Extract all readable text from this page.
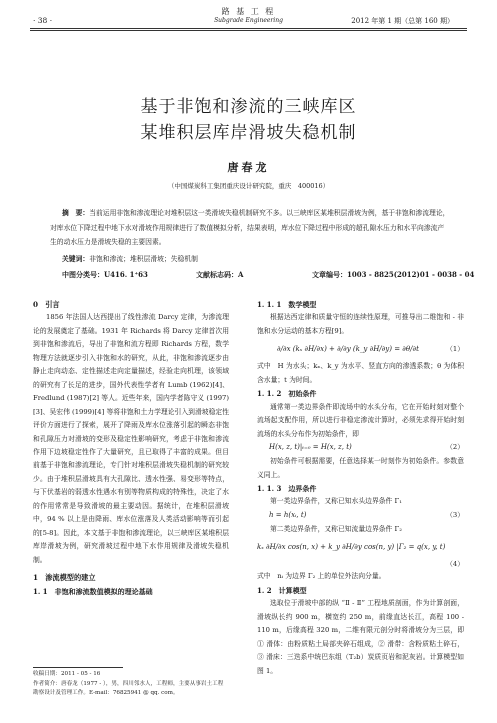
路 基 工 程
Subgrade Engineering
· 38 ·	2012 年第 1 期（总第 160 期）
基于非饱和渗流的三峡库区
某堆积层库岸滑坡失稳机制
唐春龙
（中国煤炭科工集团重庆设计研究院，重庆　400016）

摘　要：当前运用非饱和渗流理论对堆积层这一类滑坡失稳机制研究不多。以三峡库区某堆积层滑坡为例，基于非饱和渗流理论，对库水位下降过程中地下水对滑坡作用规律进行了数值模拟分析，结果表明，库水位下降过程中形成的超孔隙水压力和水平向渗流产生的动水压力是滑坡失稳的主要因素。

关键词：非饱和渗流；堆积层滑坡；失稳机制

中图分类号：U416. 1⁺63	文献标志码：A	文章编号：1003 - 8825(2012)01 - 0038 - 04

0　引言

1856 年法国人达西提出了线性渗流 Darcy 定律，为渗流理论的发展奠定了基础。1931 年 Richards 将 Darcy 定律首次用到非饱和渗流后，导出了非饱和流方程即 Richards 方程，数学物理方法就逐步引入非饱和水的研究，从此，非饱和渗流逐步由静止走向动态、定性描述走向定量描述，经验走向机理，该领域的研究有了长足的进步，国外代表性学者有 Lumb (1962)[4]、Fredlund (1987)[2] 等人。近些年来，国内学者陈守义 (1997)[3]、吴宏伟 (1999)[4] 等将非饱和土力学理论引入到滑坡稳定性评价方面进行了探索，展开了降雨及库水位涨落引起的瞬态非饱和孔隙压力对滑坡的变形及稳定性影响研究，考虑于非饱和渗流作用下边坡稳定性作了大量研究，且已取得了丰富的成果。但目前基于非饱和渗流理论，专门针对堆积层滑坡失稳机制的研究较少。由于堆积层滑坡具有大孔隙比、透水性强、易变形等特点，与下伏基岩的弱透水性遇水有别等物质构成的特殊性，决定了水的作用常常是导致滑坡的最主要动因。据统计，在堆积层滑坡中，94 % 以上是由降雨、库水位涨落及人类活动影响等而引起的[5-8]。因此，本文基于非饱和渗流理论，以三峡库区某堆积层库岸滑坡为例，研究滑坡过程中地下水作用规律及滑坡失稳机制。

1　渗流模型的建立

1. 1　非饱和渗流数值模拟的理论基础

收稿日期：2011 - 05 - 16
作者简介：唐春龙（1977 - ），男，四川邻水人，工程师，主要从事岩土工程勘察设计及管理工作。E-mail：76825941 @ qq. com。

1. 1. 1　数学模型

根据达西定律和质量守恒的连续性原理，可推导出二维饱和 - 非饱和水分运动的基本方程[9]。

∂/∂x (kₓ ∂H/∂x) + ∂/∂y (k_y ∂H/∂y) = ∂θ/∂t	（1）

式中　H 为水头；kₓ、k_y 为水平、竖直方向的渗透系数；θ 为体积含水量；t 为时间。

1. 1. 2　初始条件

通常第一类边界条件即流场中的水头分布，它在开始时刻对整个流场起支配作用，所以进行非稳定渗流计算时，必须先求得开始时刻流场的水头分布作为初始条件，即

H(x, z, t)|ₜ₌₀ = H(x, z, t)	（2）

初始条件可根据需要，任意选择某一时刻作为初始条件。参数意义同上。

1. 1. 3　边界条件

第一类边界条件，又称已知水头边界条件 Γ₁

h = h(xᵢ, t)	（3）

第二类边界条件，又称已知流量边界条件 Γ₂

kₓ ∂H/∂x cos(n, x) + k_y ∂H/∂y cos(n, y) |Γ₂ = q(x, y, t)
（4）

式中　nᵢ 为边界 Γ₂ 上的单位外法向分量。

1. 2　计算模型

选取位于滑坡中部的纵 “Ⅱ - Ⅱ” 工程地质剖面，作为计算剖面，滑坡纵长约 900 m，横宽约 250 m，前缘直达长江，高程 100 - 110 m，后缘高程 320 m，二维有限元剖分时将滑坡分为三层，即 ① 滑体：由粉质粘土局部夹碎石组成，② 滑带：含粉质粘土碎石，③ 滑床：三迭系中统巴东组（T₂b）炭质页岩和泥灰岩。计算模型如图 1。
